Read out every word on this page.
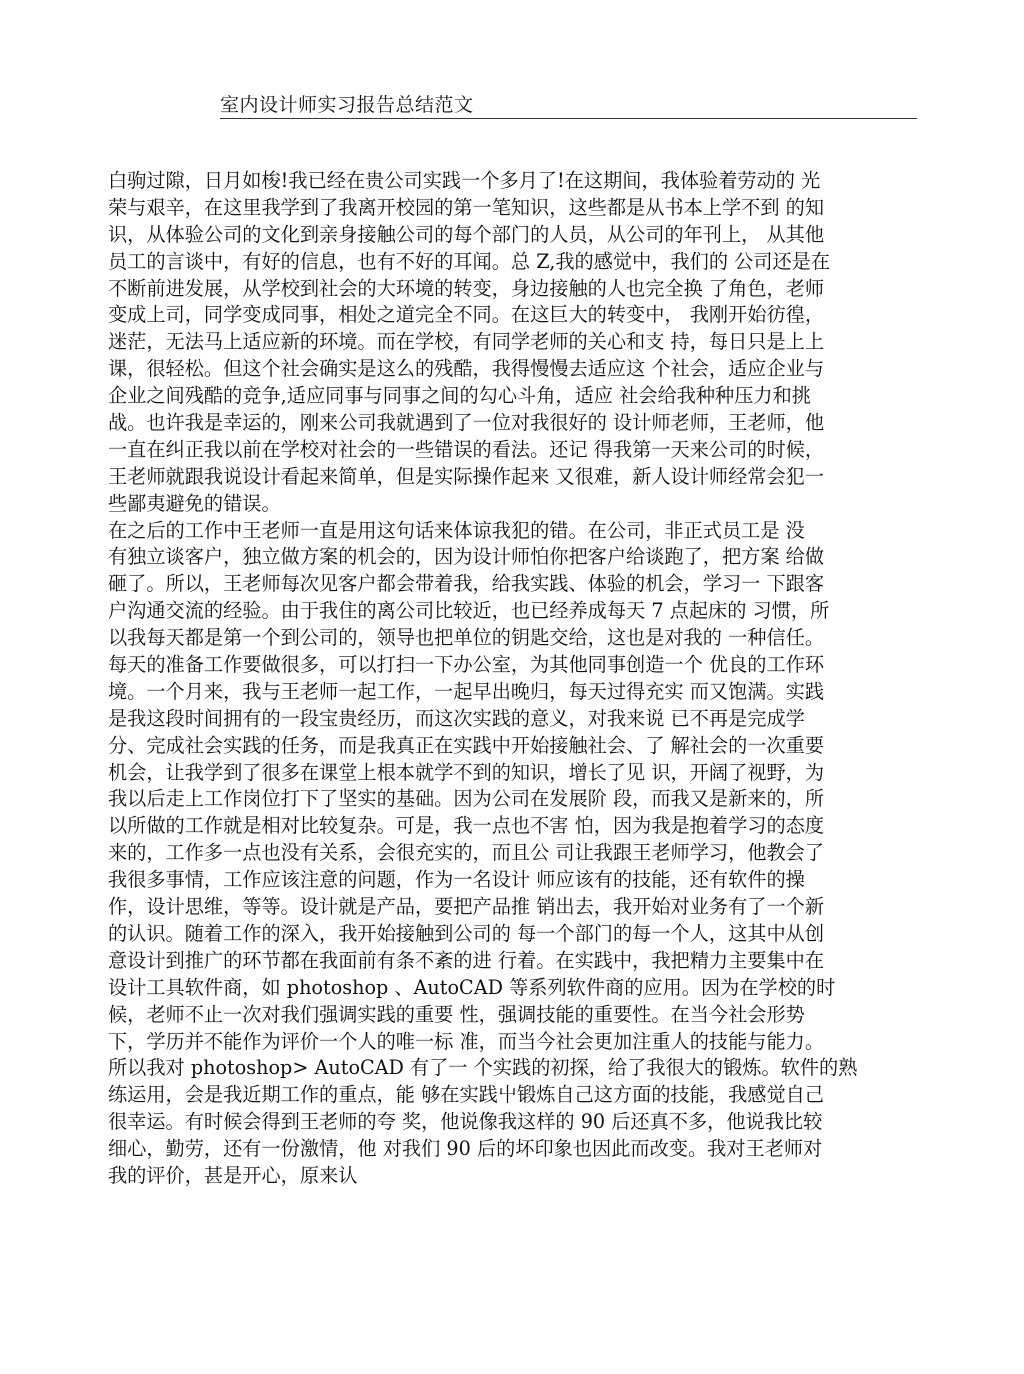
室内设计师实习报告总结范文
白驹过隙，日月如梭!我已经在贵公司实践一个多月了!在这期间，我体验着劳动的 光
荣与艰辛，在这里我学到了我离开校园的第一笔知识，这些都是从书本上学不到 的知
识，从体验公司的文化到亲身接触公司的每个部门的人员，从公司的年刊上， 从其他
员工的言谈中，有好的信息，也有不好的耳闻。总 Z,我的感觉中，我们的 公司还是在
不断前进发展，从学校到社会的大环境的转变，身边接触的人也完全换 了角色，老师
变成上司，同学变成同事，相处之道完全不同。在这巨大的转变中， 我刚开始彷徨，
迷茫，无法马上适应新的环境。而在学校，有同学老师的关心和支 持，每日只是上上
课，很轻松。但这个社会确实是这么的残酷，我得慢慢去适应这 个社会，适应企业与
企业之间残酷的竞争,适应同事与同事之间的勾心斗角，适应 社会给我种种压力和挑
战。也许我是幸运的，刚来公司我就遇到了一位对我很好的 设计师老师，王老师，他
一直在纠正我以前在学校对社会的一些错误的看法。还记 得我第一天来公司的时候，
王老师就跟我说设计看起来简单，但是实际操作起来 又很难，新人设计师经常会犯一
些鄙夷避免的错误。
在之后的工作中王老师一直是用这句话来体谅我犯的错。在公司，非正式员工是 没
有独立谈客户，独立做方案的机会的，因为设计师怕你把客户给谈跑了，把方案 给做
砸了。所以，王老师每次见客户都会带着我，给我实践、体验的机会，学习一 下跟客
户沟通交流的经验。由于我住的离公司比较近，也已经养成每天 7 点起床的 习惯，所
以我每天都是第一个到公司的，领导也把单位的钥匙交给，这也是对我的 一种信任。
每天的准备工作要做很多，可以打扫一下办公室，为其他同事创造一个 优良的工作环
境。一个月来，我与王老师一起工作，一起早出晚归，每天过得充实 而又饱满。实践
是我这段时间拥有的一段宝贵经历，而这次实践的意义，对我来说 已不再是完成学
分、完成社会实践的任务，而是我真正在实践中开始接触社会、了 解社会的一次重要
机会，让我学到了很多在课堂上根本就学不到的知识，增长了见 识，开阔了视野，为
我以后走上工作岗位打下了坚实的基础。因为公司在发展阶 段，而我又是新来的，所
以所做的工作就是相对比较复杂。可是，我一点也不害 怕，因为我是抱着学习的态度
来的，工作多一点也没有关系，会很充实的，而且公 司让我跟王老师学习，他教会了
我很多事情，工作应该注意的问题，作为一名设计 师应该有的技能，还有软件的操
作，设计思维，等等。设计就是产品，要把产品推 销出去，我开始对业务有了一个新
的认识。随着工作的深入，我开始接触到公司的 每一个部门的每一个人，这其中从创
意设计到推广的环节都在我面前有条不紊的进 行着。在实践中，我把精力主要集中在
设计工具软件商，如 photoshop 、AutoCAD 等系列软件商的应用。因为在学校的时
候，老师不止一次对我们强调实践的重要 性，强调技能的重要性。在当今社会形势
下，学历并不能作为评价一个人的唯一标 准，而当今社会更加注重人的技能与能力。
所以我对 photoshop> AutoCAD 有了一 个实践的初探，给了我很大的锻炼。软件的熟
练运用，会是我近期工作的重点，能 够在实践屮锻炼自己这方面的技能，我感觉自己
很幸运。有时候会得到王老师的夸 奖，他说像我这样的 90 后还真不多，他说我比较
细心，勤劳，还有一份激情，他 对我们 90 后的坏印象也因此而改变。我对王老师对
我的评价，甚是开心，原来认
